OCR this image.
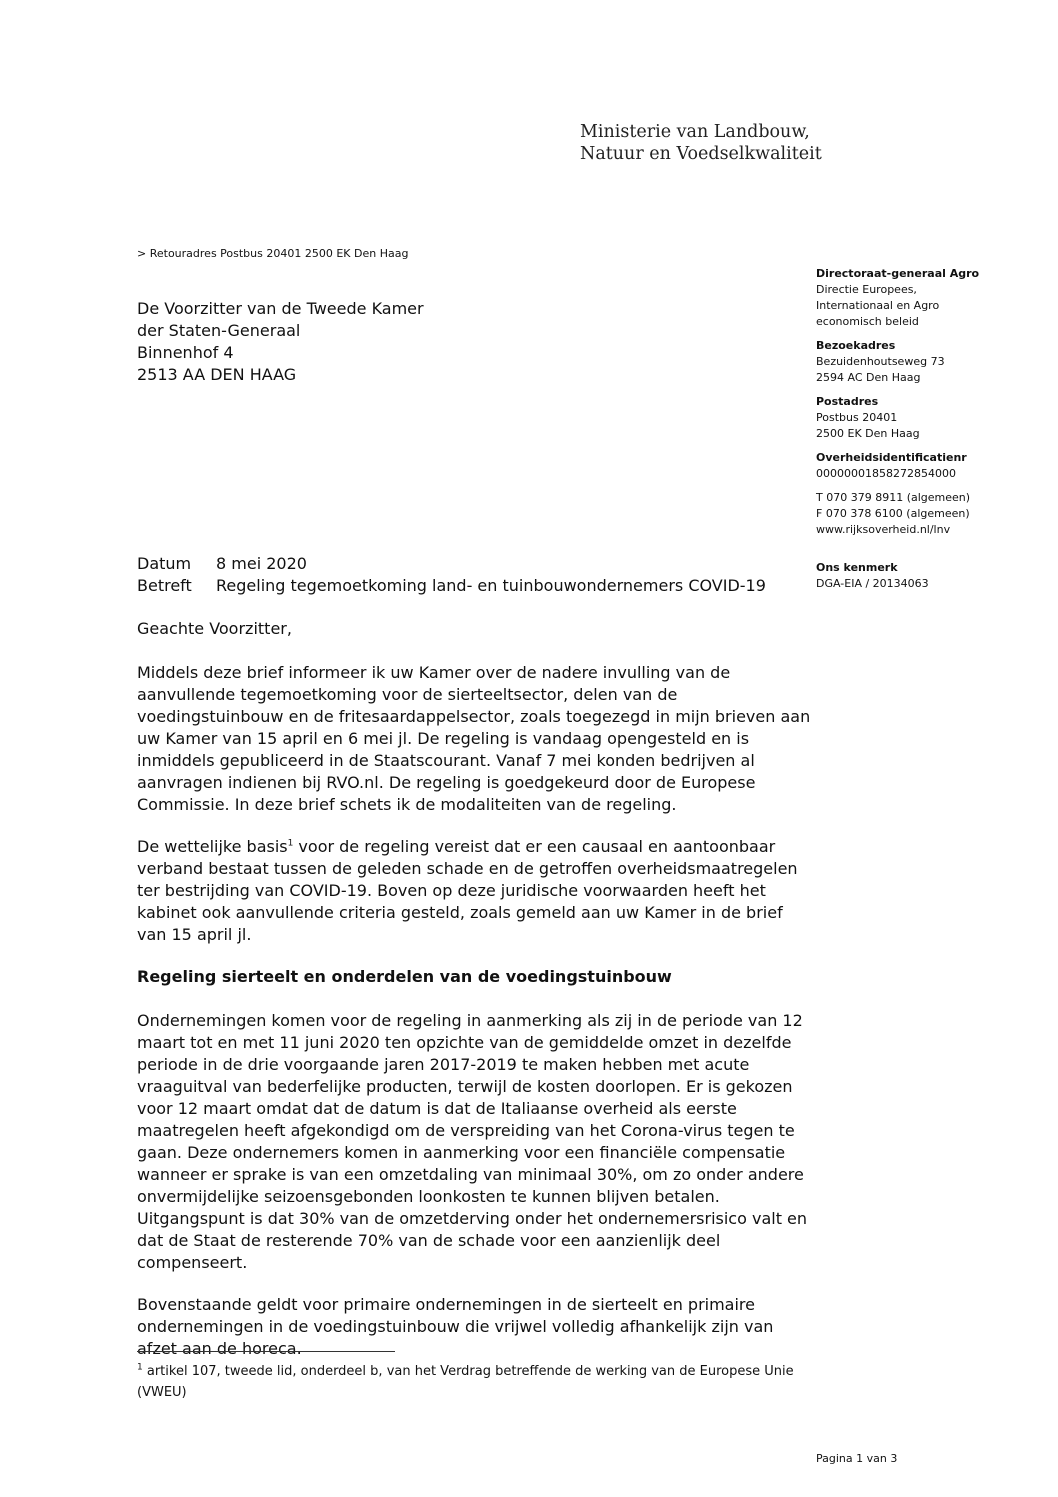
Ministerie van Landbouw,
Natuur en Voedselkwaliteit
> Retouradres Postbus 20401 2500 EK Den Haag
De Voorzitter van de Tweede Kamer
der Staten-Generaal
Binnenhof 4
2513 AA DEN HAAG
Directoraat-generaal Agro
Directie Europees,
Internationaal en Agro
economisch beleid
Bezoekadres
Bezuidenhoutseweg 73
2594 AC Den Haag
Postadres
Postbus 20401
2500 EK Den Haag
Overheidsidentificatienr
00000001858272854000
T 070 379 8911 (algemeen)
F 070 378 6100 (algemeen)
www.rijksoverheid.nl/lnv
Ons kenmerk
DGA-EIA / 20134063
Datum	8 mei 2020
Betreft	Regeling tegemoetkoming land- en tuinbouwondernemers COVID-19

Geachte Voorzitter,

Middels deze brief informeer ik uw Kamer over de nadere invulling van de aanvullende tegemoetkoming voor de sierteeltsector, delen van de voedingstuinbouw en de fritesaardappelsector, zoals toegezegd in mijn brieven aan uw Kamer van 15 april en 6 mei jl. De regeling is vandaag opengesteld en is inmiddels gepubliceerd in de Staatscourant. Vanaf 7 mei konden bedrijven al aanvragen indienen bij RVO.nl. De regeling is goedgekeurd door de Europese Commissie. In deze brief schets ik de modaliteiten van de regeling.

De wettelijke basis$^1$ voor de regeling vereist dat er een causaal en aantoonbaar verband bestaat tussen de geleden schade en de getroffen overheidsmaatregelen ter bestrijding van COVID-19. Boven op deze juridische voorwaarden heeft het kabinet ook aanvullende criteria gesteld, zoals gemeld aan uw Kamer in de brief van 15 april jl.

Regeling sierteelt en onderdelen van de voedingstuinbouw

Ondernemingen komen voor de regeling in aanmerking als zij in de periode van 12 maart tot en met 11 juni 2020 ten opzichte van de gemiddelde omzet in dezelfde periode in de drie voorgaande jaren 2017-2019 te maken hebben met acute vraaguitval van bederfelijke producten, terwijl de kosten doorlopen. Er is gekozen voor 12 maart omdat dat de datum is dat de Italiaanse overheid als eerste maatregelen heeft afgekondigd om de verspreiding van het Corona-virus tegen te gaan. Deze ondernemers komen in aanmerking voor een financiële compensatie wanneer er sprake is van een omzetdaling van minimaal 30%, om zo onder andere onvermijdelijke seizoensgebonden loonkosten te kunnen blijven betalen. Uitgangspunt is dat 30% van de omzetderving onder het ondernemersrisico valt en dat de Staat de resterende 70% van de schade voor een aanzienlijk deel compenseert.

Bovenstaande geldt voor primaire ondernemingen in de sierteelt en primaire ondernemingen in de voedingstuinbouw die vrijwel volledig afhankelijk zijn van afzet aan de horeca.

$^1$ artikel 107, tweede lid, onderdeel b, van het Verdrag betreffende de werking van de Europese Unie (VWEU)
Pagina 1 van 3
